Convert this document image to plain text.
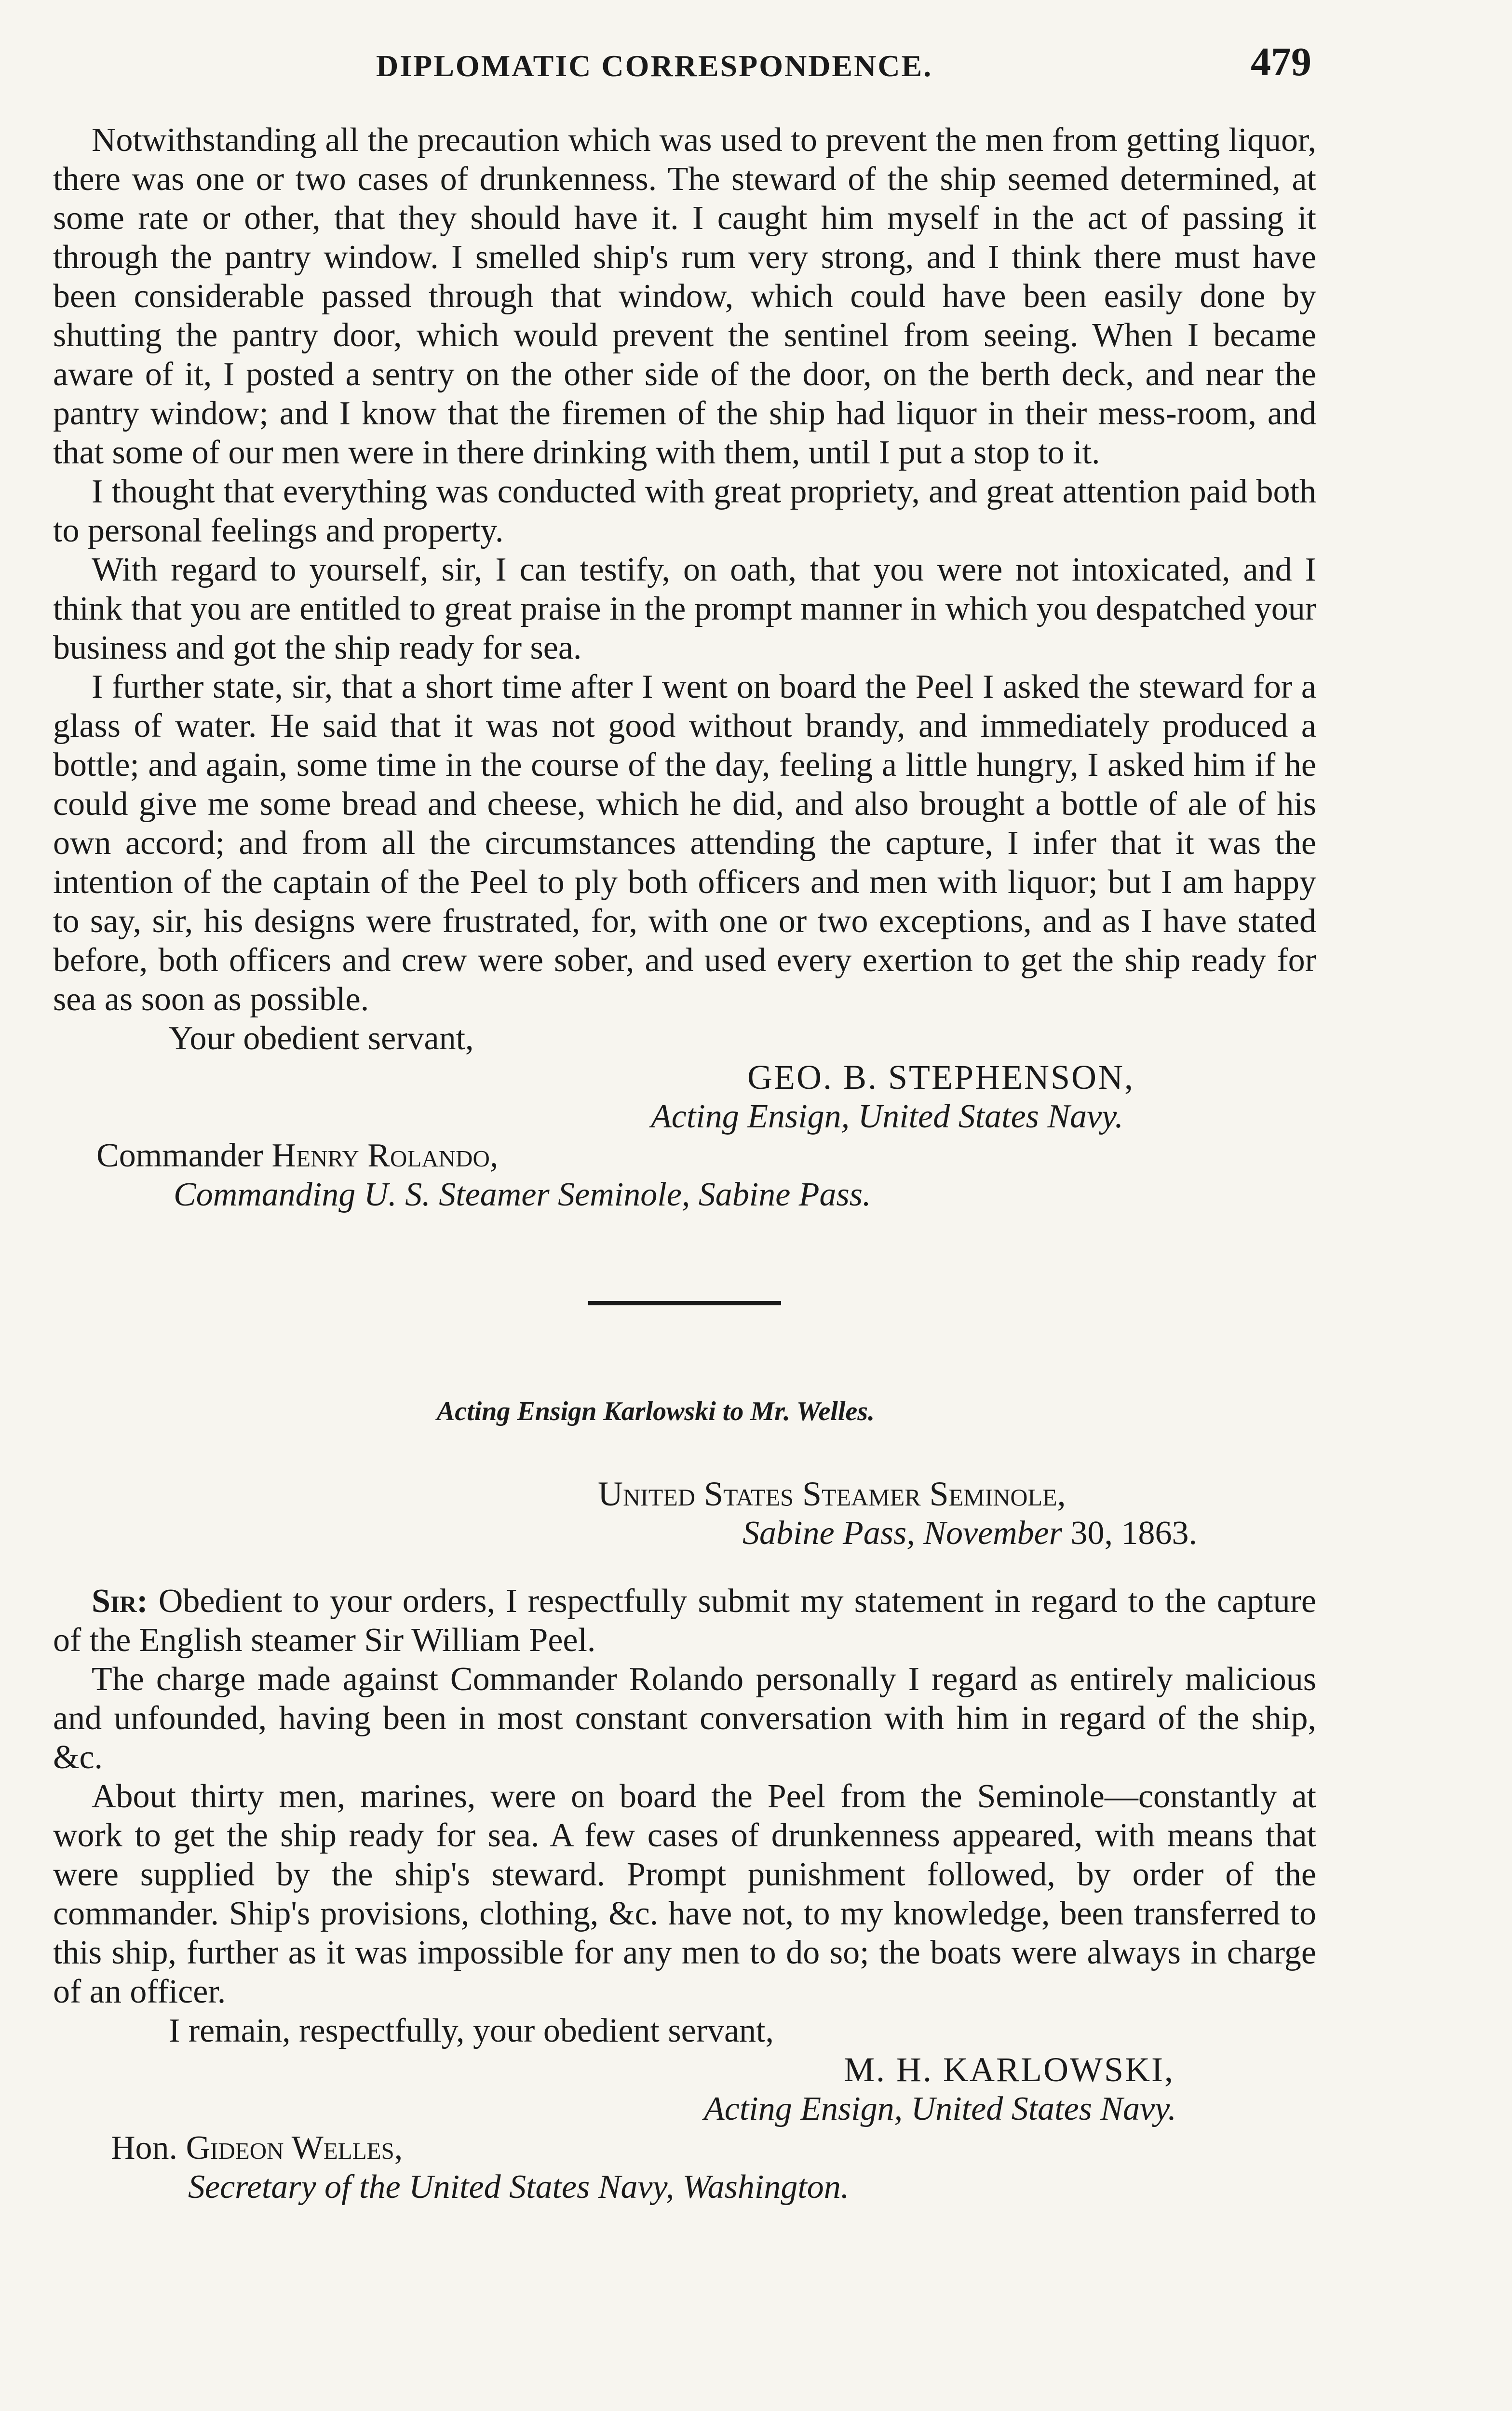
DIPLOMATIC CORRESPONDENCE.	479

Notwithstanding all the precaution which was used to prevent the men from getting liquor, there was one or two cases of drunkenness. The steward of the ship seemed determined, at some rate or other, that they should have it. I caught him myself in the act of passing it through the pantry window. I smelled ship's rum very strong, and I think there must have been considerable passed through that window, which could have been easily done by shutting the pantry door, which would prevent the sentinel from seeing. When I became aware of it, I posted a sentry on the other side of the door, on the berth deck, and near the pantry window; and I know that the firemen of the ship had liquor in their mess-room, and that some of our men were in there drinking with them, until I put a stop to it.

I thought that everything was conducted with great propriety, and great attention paid both to personal feelings and property.

With regard to yourself, sir, I can testify, on oath, that you were not intoxicated, and I think that you are entitled to great praise in the prompt manner in which you despatched your business and got the ship ready for sea.

I further state, sir, that a short time after I went on board the Peel I asked the steward for a glass of water. He said that it was not good without brandy, and immediately produced a bottle; and again, some time in the course of the day, feeling a little hungry, I asked him if he could give me some bread and cheese, which he did, and also brought a bottle of ale of his own accord; and from all the circumstances attending the capture, I infer that it was the intention of the captain of the Peel to ply both officers and men with liquor; but I am happy to say, sir, his designs were frustrated, for, with one or two exceptions, and as I have stated before, both officers and crew were sober, and used every exertion to get the ship ready for sea as soon as possible.

Your obedient servant,

GEO. B. STEPHENSON,

Acting Ensign, United States Navy.

Commander Henry Rolando,

Commanding U. S. Steamer Seminole, Sabine Pass.

Acting Ensign Karlowski to Mr. Welles.

United States Steamer Seminole,

Sabine Pass, November 30, 1863.

Sir: Obedient to your orders, I respectfully submit my statement in regard to the capture of the English steamer Sir William Peel.

The charge made against Commander Rolando personally I regard as entirely malicious and unfounded, having been in most constant conversation with him in regard of the ship, &c.

About thirty men, marines, were on board the Peel from the Seminole—constantly at work to get the ship ready for sea. A few cases of drunkenness appeared, with means that were supplied by the ship's steward. Prompt punishment followed, by order of the commander. Ship's provisions, clothing, &c. have not, to my knowledge, been transferred to this ship, further as it was impossible for any men to do so; the boats were always in charge of an officer.

I remain, respectfully, your obedient servant,

M. H. KARLOWSKI,

Acting Ensign, United States Navy.

Hon. Gideon Welles,

Secretary of the United States Navy, Washington.
